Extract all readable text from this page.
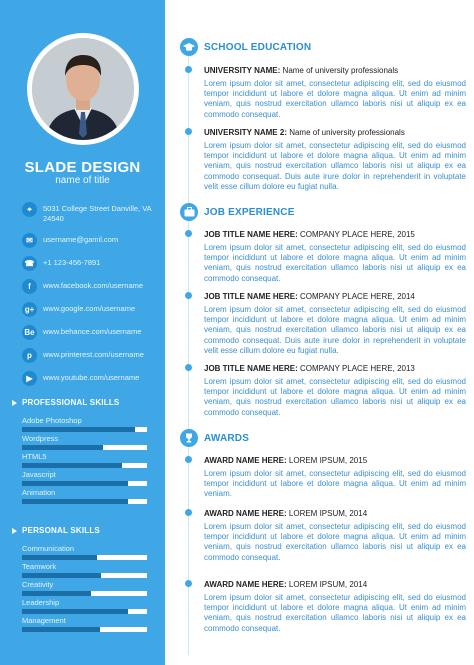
SLADE DESIGN
name of title
⌖	5031 College Street Danville, VA 24540
✉	username@gamil.com
☎	+1 123-456-7891
f	www.facebook.com/username
g+	www.google.com/username
Be	www.behance.com/username
p	www.printerest.com/username
▶	www.youtube.com/username
PROFESSIONAL SKILLS
Adobe Photoshop
Wordpress
HTML5
Javascript
Animation
PERSONAL SKILLS
Communication
Teamwork
Creativity
Leadership
Management
SCHOOL EDUCATION
UNIVERSITY NAME: Name of university professionals
Lorem ipsum dolor sit amet, consectetur adipiscing elit, sed do eiusmod tempor incididunt ut labore et dolore magna aliqua. Ut enim ad minim veniam, quis nostrud exercitation ullamco laboris nisi ut aliquip ex ea commodo consequat.
UNIVERSITY NAME 2: Name of university professionals
Lorem ipsum dolor sit amet, consectetur adipiscing elit, sed do eiusmod tempor incididunt ut labore et dolore magna aliqua. Ut enim ad minim veniam, quis nostrud exercitation ullamco laboris nisi ut aliquip ex ea commodo consequat. Duis aute irure dolor in reprehenderit in voluptate velit esse cillum dolore eu fugiat nulla.
JOB EXPERIENCE
JOB TITLE NAME HERE: COMPANY PLACE HERE, 2015
Lorem ipsum dolor sit amet, consectetur adipiscing elit, sed do eiusmod tempor incididunt ut labore et dolore magna aliqua. Ut enim ad minim veniam, quis nostrud exercitation ullamco laboris nisi ut aliquip ex ea commodo consequat.
JOB TITLE NAME HERE: COMPANY PLACE HERE, 2014
Lorem ipsum dolor sit amet, consectetur adipiscing elit, sed do eiusmod tempor incididunt ut labore et dolore magna aliqua. Ut enim ad minim veniam, quis nostrud exercitation ullamco laboris nisi ut aliquip ex ea commodo consequat. Duis aute irure dolor in reprehenderit in voluptate velit esse cillum dolore eu fugiat nulla.
JOB TITLE NAME HERE: COMPANY PLACE HERE, 2013
Lorem ipsum dolor sit amet, consectetur adipiscing elit, sed do eiusmod tempor incididunt ut labore et dolore magna aliqua. Ut enim ad minim veniam, quis nostrud exercitation ullamco laboris nisi ut aliquip ex ea commodo consequat.
AWARDS
AWARD NAME HERE: LOREM IPSUM, 2015
Lorem ipsum dolor sit amet, consectetur adipiscing elit, sed do eiusmod tempor incididunt ut labore et dolore magna aliqua. Ut enim ad minim veniam.
AWARD NAME HERE: LOREM IPSUM, 2014
Lorem ipsum dolor sit amet, consectetur adipiscing elit, sed do eiusmod tempor incididunt ut labore et dolore magna aliqua. Ut enim ad minim veniam, quis nostrud exercitation ullamco laboris nisi ut aliquip ex ea commodo consequat.
AWARD NAME HERE: LOREM IPSUM, 2014
Lorem ipsum dolor sit amet, consectetur adipiscing elit, sed do eiusmod tempor incididunt ut labore et dolore magna aliqua. Ut enim ad minim veniam, quis nostrud exercitation ullamco laboris nisi ut aliquip ex ea commodo consequat.
